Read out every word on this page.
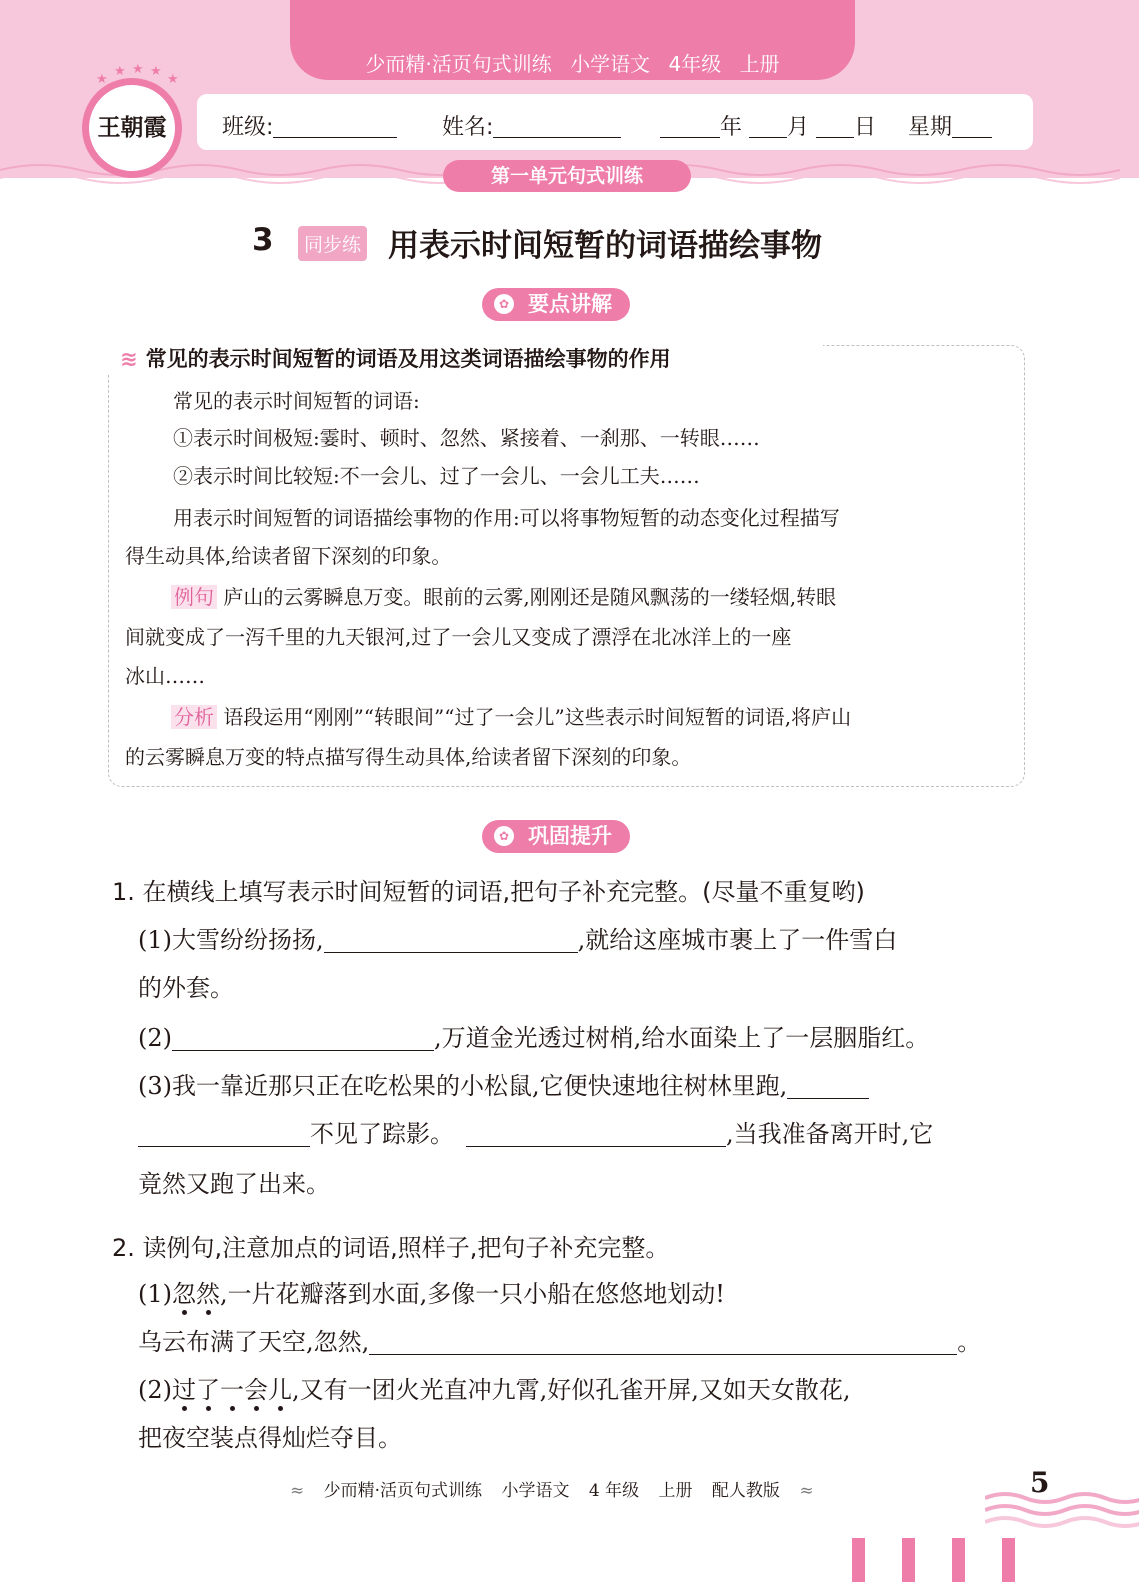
少而精·活页句式训练 小学语文 4年级 上册
王朝霞
★
★ ★ ★
★
班级:	姓名:	年 月 日 星期
第一单元句式训练
3	同步练 用表示时间短暂的词语描绘事物
✿ 要点讲解
≋ 常见的表示时间短暂的词语及用这类词语描绘事物的作用
常见的表示时间短暂的词语:
①表示时间极短:霎时、顿时、忽然、紧接着、一刹那、一转眼……
②表示时间比较短:不一会儿、过了一会儿、一会儿工夫……
用表示时间短暂的词语描绘事物的作用:可以将事物短暂的动态变化过程描写
得生动具体,给读者留下深刻的印象。
例句 庐山的云雾瞬息万变。眼前的云雾,刚刚还是随风飘荡的一缕轻烟,转眼
间就变成了一泻千里的九天银河,过了一会儿又变成了漂浮在北冰洋上的一座
冰山……
分析 语段运用“刚刚”“转眼间”“过了一会儿”这些表示时间短暂的词语,将庐山
的云雾瞬息万变的特点描写得生动具体,给读者留下深刻的印象。
✿ 巩固提升
1. 在横线上填写表示时间短暂的词语,把句子补充完整。(尽量不重复哟)
(1)大雪纷纷扬扬,	,就给这座城市裹上了一件雪白
的外套。
(2)	,万道金光透过树梢,给水面染上了一层胭脂红。
(3)我一靠近那只正在吃松果的小松鼠,它便快速地往树林里跑,
不见了踪影。	,当我准备离开时,它
竟然又跑了出来。
2. 读例句,注意加点的词语,照样子,把句子补充完整。
(1)忽然,一片花瓣落到水面,多像一只小船在悠悠地划动!
乌云布满了天空,忽然,	。
(2)过了一会儿,又有一团火光直冲九霄,好似孔雀开屏,又如天女散花,
把夜空装点得灿烂夺目。
≈ 少而精·活页句式训练 小学语文 4 年级 上册 配人教版 ≈	5
